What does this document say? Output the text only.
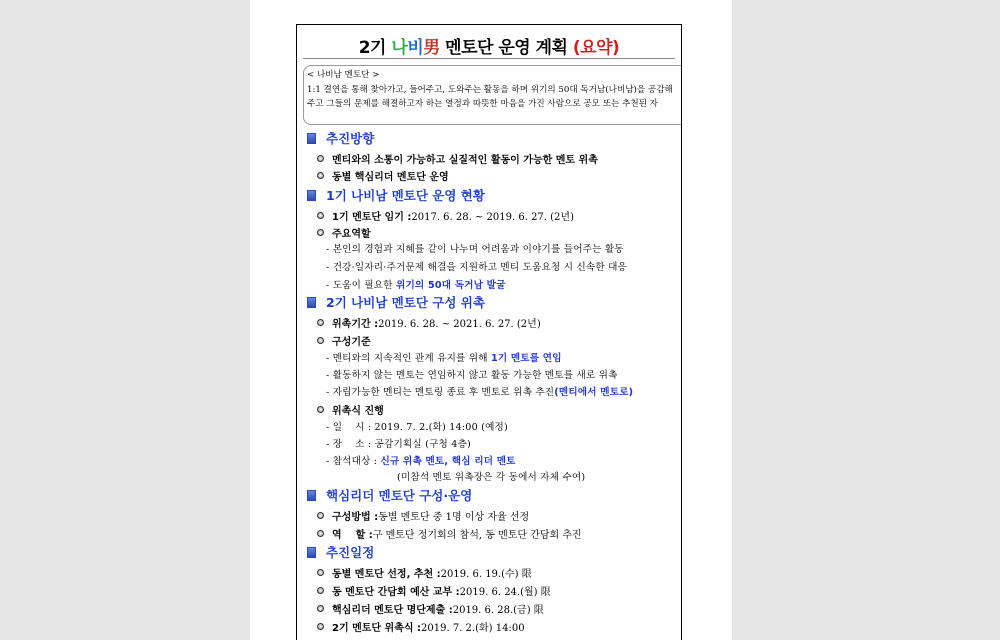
2기 나비男 멘토단 운영 계획 (요약)
< 나비남 멘토단 >
1:1 결연을 통해 찾아가고, 들어주고, 도와주는 활동을 하며 위기의 50대 독거남(나비남)을 공감해주고 그들의 문제를 해결하고자 하는 열정과 따뜻한 마음을 가진 사람으로 공모 또는 추천된 자
추진방향
멘티와의 소통이 가능하고 실질적인 활동이 가능한 멘토 위촉
동별 핵심리더 멘토단 운영
1기 나비남 멘토단 운영 현황
1기 멘토단 임기 : 2017. 6. 28. ~ 2019. 6. 27. (2년)
주요역할
- 본인의 경험과 지혜를 같이 나누며 어려움과 이야기를 들어주는 활동
- 건강·일자리·주거문제 해결을 지원하고 멘티 도움요청 시 신속한 대응
- 도움이 필요한 위기의 50대 독거남 발굴
2기 나비남 멘토단 구성 위촉
위촉기간 : 2019. 6. 28. ~ 2021. 6. 27. (2년)
구성기준
- 멘티와의 지속적인 관계 유지를 위해 1기 멘토를 연임
- 활동하지 않는 멘토는 연임하지 않고 활동 가능한 멘토를 새로 위촉
- 자립가능한 멘티는 멘토링 종료 후 멘토로 위촉 추진(멘티에서 멘토로)
위촉식 진행
- 일    시 : 2019. 7. 2.(화) 14:00 (예정)
- 장    소 : 공감기획실 (구청 4층)
- 참석대상 : 신규 위촉 멘토, 핵심 리더 멘토
(미참석 멘토 위촉장은 각 동에서 자체 수여)
핵심리더 멘토단 구성·운영
구성방법 : 동별 멘토단 중 1명 이상 자율 선정
역    할 : 구 멘토단 정기회의 참석, 동 멘토단 간담회 추진
추진일정
동별 멘토단 선정, 추천 : 2019. 6. 19.(수) 限
동 멘토단 간담회 예산 교부 : 2019. 6. 24.(월) 限
핵심리더 멘토단 명단제출 : 2019. 6. 28.(금) 限
2기 멘토단 위촉식 : 2019. 7. 2.(화) 14:00
